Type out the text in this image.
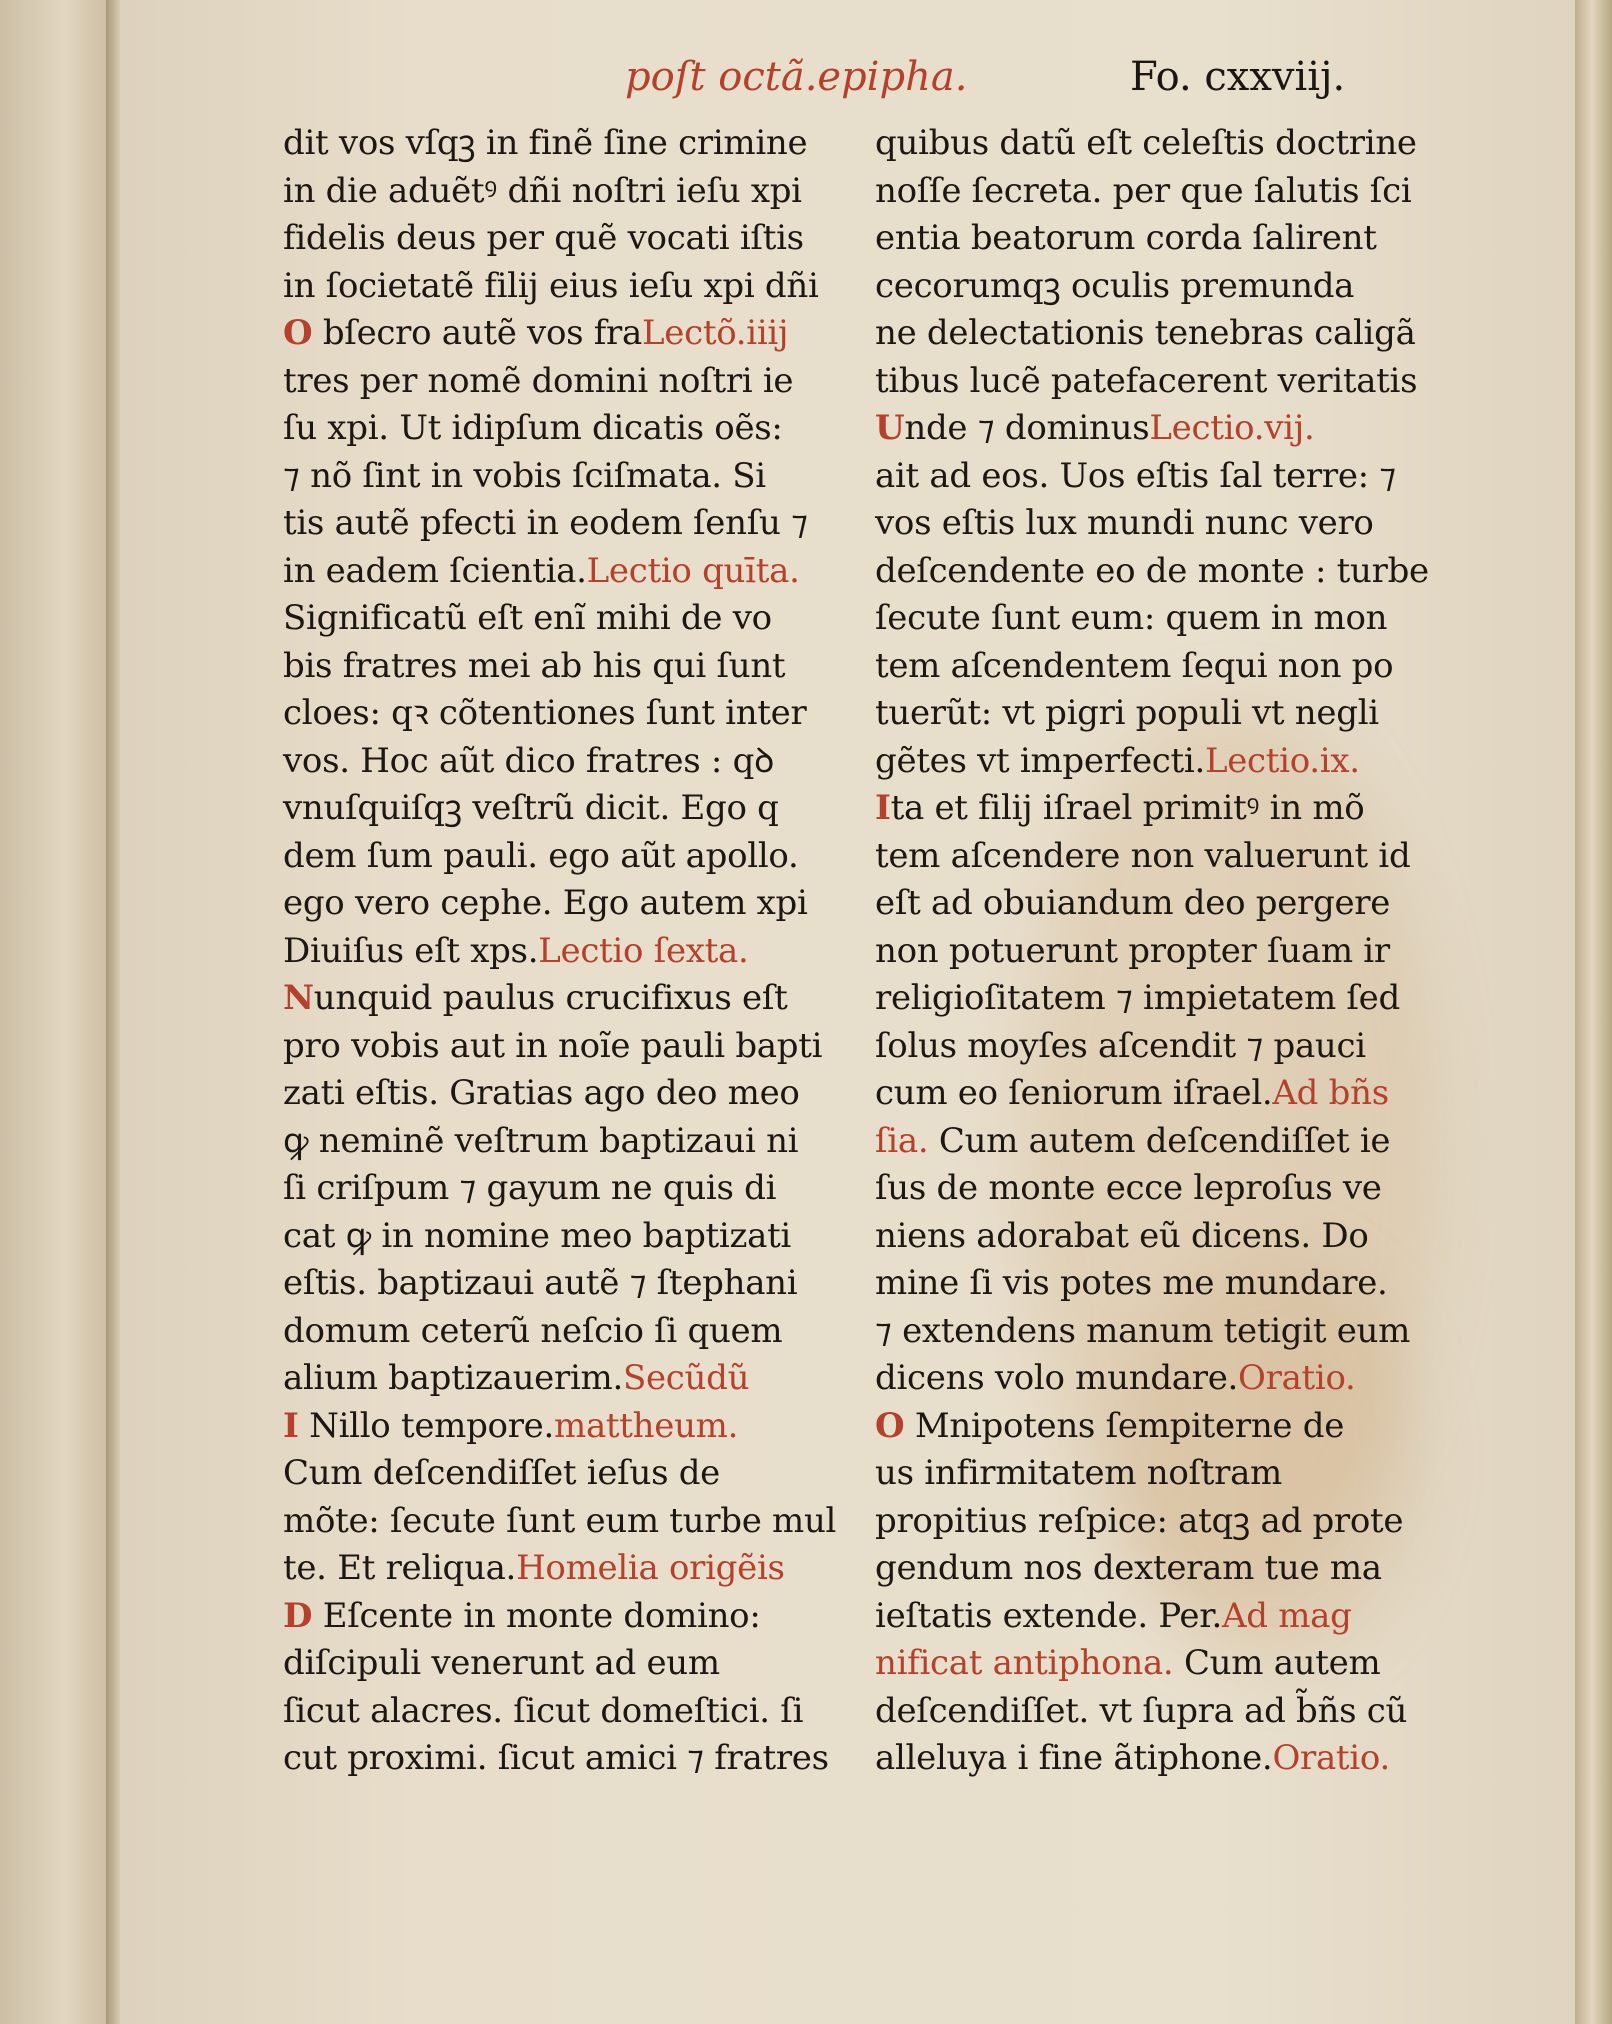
poſt octã.epipha.	Fo. cxxviij.
dit vos vſqꝫ in finẽ ſine crimine
in die aduẽtꝰ dñi noſtri ieſu xpi
fidelis deus per quẽ vocati iſtis
in ſocietatẽ filij eius ieſu xpi dñi
O bſecro autẽ vos fraLectõ.iiij
tres per nomẽ domini noſtri ie
ſu xpi. Ut idipſum dicatis oẽs:
⁊ nõ ſint in vobis ſciſmata. Si
tis autẽ pfecti in eodem ſenſu ⁊
in eadem ſcientia.Lectio quīta.
Significatũ eſt enĩ mihi de vo
bis fratres mei ab his qui ſunt
cloes: qꝛ cõtentiones ſunt inter
vos. Hoc aũt dico fratres : qꝺ
vnuſquiſqꝫ veſtrũ dicit. Ego q
dem ſum pauli. ego aũt apollo.
ego vero cephe. Ego autem xpi
Diuiſus eſt xps.Lectio ſexta.
Nunquid paulus crucifixus eſt
pro vobis aut in noĩe pauli bapti
zati eſtis. Gratias ago deo meo
ꝙ neminẽ veſtrum baptizaui ni
ſi criſpum ⁊ gayum ne quis di
cat ꝙ in nomine meo baptizati
eſtis. baptizaui autẽ ⁊ ſtephani
domum ceterũ neſcio ſi quem
alium baptizauerim.Secũdũ
I Nillo tempore.mattheum.
Cum deſcendiſſet ieſus de
mõte: ſecute ſunt eum turbe mul
te. Et reliqua.Homelia origẽis
D Eſcente in monte domino:
diſcipuli venerunt ad eum
ſicut alacres. ſicut domeſtici. ſi
cut proximi. ſicut amici ⁊ fratres
quibus datũ eſt celeſtis doctrine
noſſe ſecreta. per que ſalutis ſci
entia beatorum corda ſalirent
cecorumqꝫ oculis premunda
ne delectationis tenebras caligã
tibus lucẽ patefacerent veritatis
Unde ⁊ dominusLectio.vij.
ait ad eos. Uos eſtis ſal terre: ⁊
vos eſtis lux mundi nunc vero
deſcendente eo de monte : turbe
ſecute ſunt eum: quem in mon
tem aſcendentem ſequi non po
tuerũt: vt pigri populi vt negli
gẽtes vt imperfecti.Lectio.ix.
Ita et filij iſrael primitꝰ in mõ
tem aſcendere non valuerunt id
eſt ad obuiandum deo pergere
non potuerunt propter ſuam ir
religioſitatem ⁊ impietatem ſed
ſolus moyſes aſcendit ⁊ pauci
cum eo ſeniorum iſrael.Ad bñs
ſia. Cum autem deſcendiſſet ie
ſus de monte ecce leproſus ve
niens adorabat eũ dicens. Do
mine ſi vis potes me mundare.
⁊ extendens manum tetigit eum
dicens volo mundare.Oratio.
O Mnipotens ſempiterne de
us infirmitatem noſtram
propitius reſpice: atqꝫ ad prote
gendum nos dexteram tue ma
ieſtatis extende. Per.Ad mag
nificat antiphona. Cum autem
deſcendiſſet. vt ſupra ad b̃ñs cũ
alleluya i fine ãtiphone.Oratio.
